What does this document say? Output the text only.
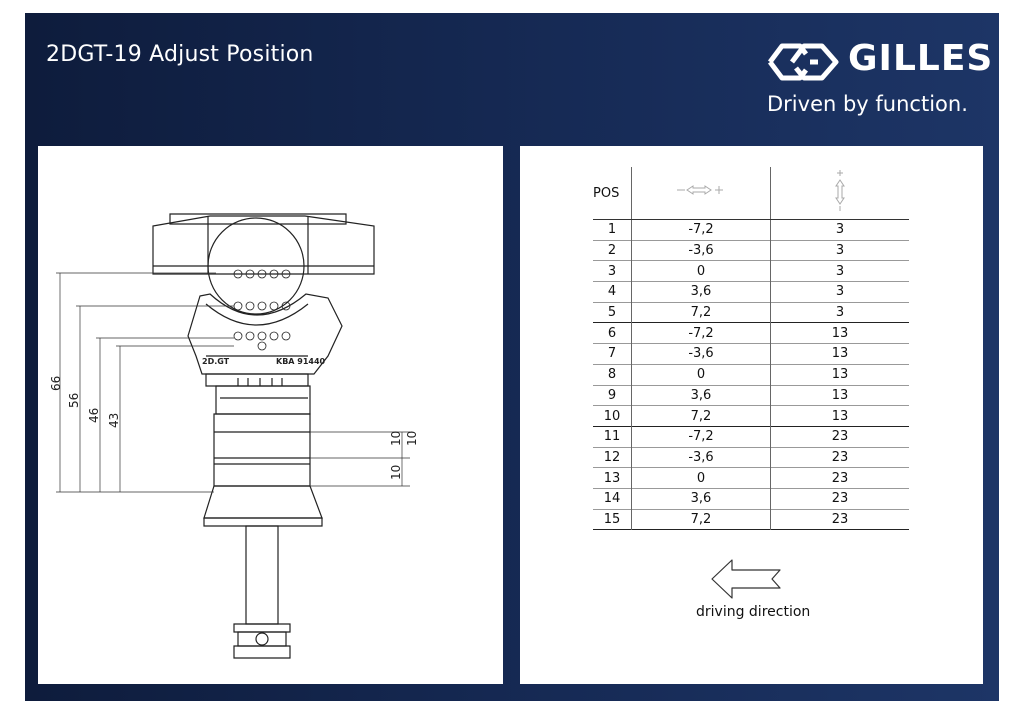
2DGT-19 Adjust Position	GILLES
Driven by function.
66
56
46 43
10 10
10
2D.GT	KBA 91440
POS		
1	-7,2	3
2	-3,6	3
3	0	3
4	3,6	3
5	7,2	3
6	-7,2	13
7	-3,6	13
8	0	13
9	3,6	13
10	7,2	13
11	-7,2	23
12	-3,6	23
13	0	23
14	3,6	23
15	7,2	23
driving direction
